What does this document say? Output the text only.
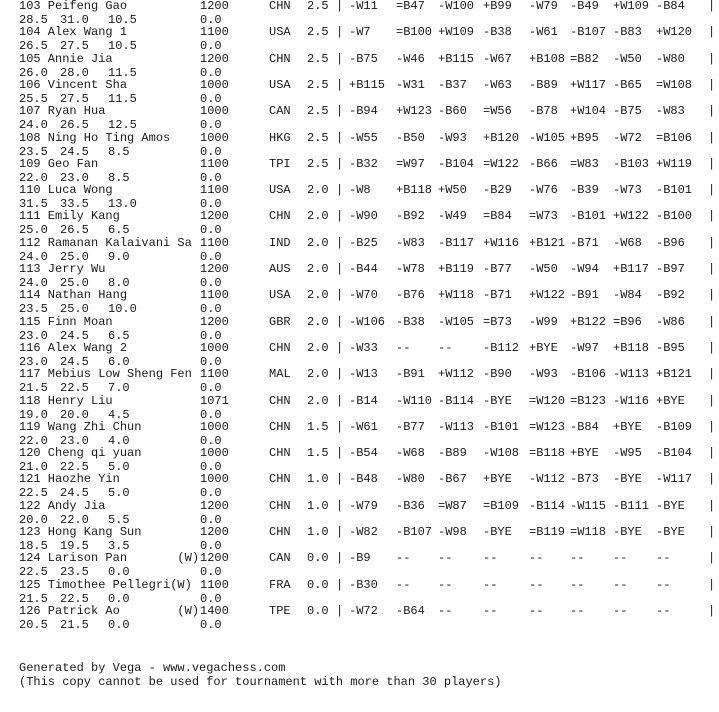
103 Peifeng Gao	1200	CHN 2.5 -W11 =B47 -W100 +B99 -W79 -B49 +W109 -B84
28.5 31.0 10.5	0.0
|	|
104 Alex Wang 1	1100	USA 2.5 -W7 =B100 +W109 -B38 -W61 -B107 -B83 +W120
26.5 27.5 10.5	0.0
|	|
105 Annie Jia	1200	CHN 2.5 -B75 -W46 +B115 -W67 +B108 =B82 -W50 -W80
26.0 28.0 11.5	0.0
|	|
106 Vincent Sha	1000	USA 2.5 +B115 -W31 -B37 -W63 -B89 +W117 -B65 =W108
25.5 27.5 11.5	0.0
|	|
107 Ryan Hua	1000	CAN 2.5 -B94 +W123 -B60 =W56 -B78 +W104 -B75 -W83
24.0 26.5 12.5	0.0
|	|
108 Ning Ho Ting Amos 1000	HKG 2.5 -W55 -B50 -W93 +B120 -W105 +B95 -W72 =B106
23.5 24.5 8.5	0.0
|	|
109 Geo Fan	1100	TPI 2.5 -B32 =W97 -B104 =W122 -B66 =W83 -B103 +W119
22.0 23.0 8.5	0.0
|	|
110 Luca Wong	1100	USA 2.0 -W8 +B118 +W50 -B29 -W76 -B39 -W73 -B101
31.5 33.5 13.0	0.0
|	|
111 Emily Kang	1200	CHN 2.0 -W90 -B92 -W49 =B84 =W73 -B101 +W122 -B100
25.0 26.5 6.5	0.0
|	|
112 Ramanan Kalaivani Sa 1100	IND 2.0 -B25 -W83 -B117 +W116 +B121 -B71 -W68 -B96
24.0 25.0 9.0	0.0
|	|
113 Jerry Wu	1200	AUS 2.0 -B44 -W78 +B119 -B77 -W50 -W94 +B117 -B97
24.0 25.0 8.0	0.0
|	|
114 Nathan Hang	1100	USA 2.0 -W70 -B76 +W118 -B71 +W122 -B91 -W84 -B92
23.5 25.0 10.0	0.0
|	|
115 Finn Moan	1200	GBR 2.0 -W106 -B38 -W105 =B73 -W99 +B122 =B96 -W86
23.0 24.5 6.5	0.0
|	|
116 Alex Wang 2	1000	CHN 2.0 -W33 -- --	-B112 +BYE -W97 +B118 -B95
23.0 24.5 6.0	0.0
|	|
117 Mebius Low Sheng Fen 1100	MAL 2.0 -W13 -B91 +W112 -B90 -W93 -B106 -W113 +B121
21.5 22.5 7.0	0.0
|	|
118 Henry Liu	1071	CHN 2.0 -B14 -W110 -B114 -BYE =W120 =B123 -W116 +BYE
19.0 20.0 4.5	0.0
|	|
119 Wang Zhi Chun	1000	CHN 1.5 -W61 -B77 -W113 -B101 =W123 -B84 +BYE -B109
22.0 23.0 4.0	0.0
|	|
120 Cheng qi yuan	1000	CHN 1.5 -B54 -W68 -B89 -W108 =B118 +BYE -W95 -B104
21.0 22.5 5.0	0.0
|	|
121 Haozhe Yin	1000	CHN 1.0 -B48 -W80 -B67 +BYE -W112 -B73 -BYE -W117
22.5 24.5 5.0	0.0
|	|
122 Andy Jia	1200	CHN 1.0 -W79 -B36 =W87 =B109 -B114 -W115 -B111 -BYE
20.0 22.0 5.5	0.0
|	|
123 Hong Kang Sun	1200	CHN 1.0 -W82 -B107 -W98 -BYE =B119 =W118 -BYE -BYE
18.5 19.5 3.5	0.0
|	|
124 Larison Pan       (W) 1200	CAN 0.0 -B9 -- --	--	-- -- -- --
22.5 23.5 0.0	0.0
|	|
125 Timothee Pellegri(W) 1100	FRA 0.0 -B30 -- --	--	-- -- -- --
21.5 22.5 0.0	0.0
|	|
126 Patrick Ao        (W) 1400	TPE 0.0 -W72 -B64 --	--	-- -- -- --
20.5 21.5 0.0	0.0
|	|
Generated by Vega - www.vegachess.com
(This copy cannot be used for tournament with more than 30 players)
